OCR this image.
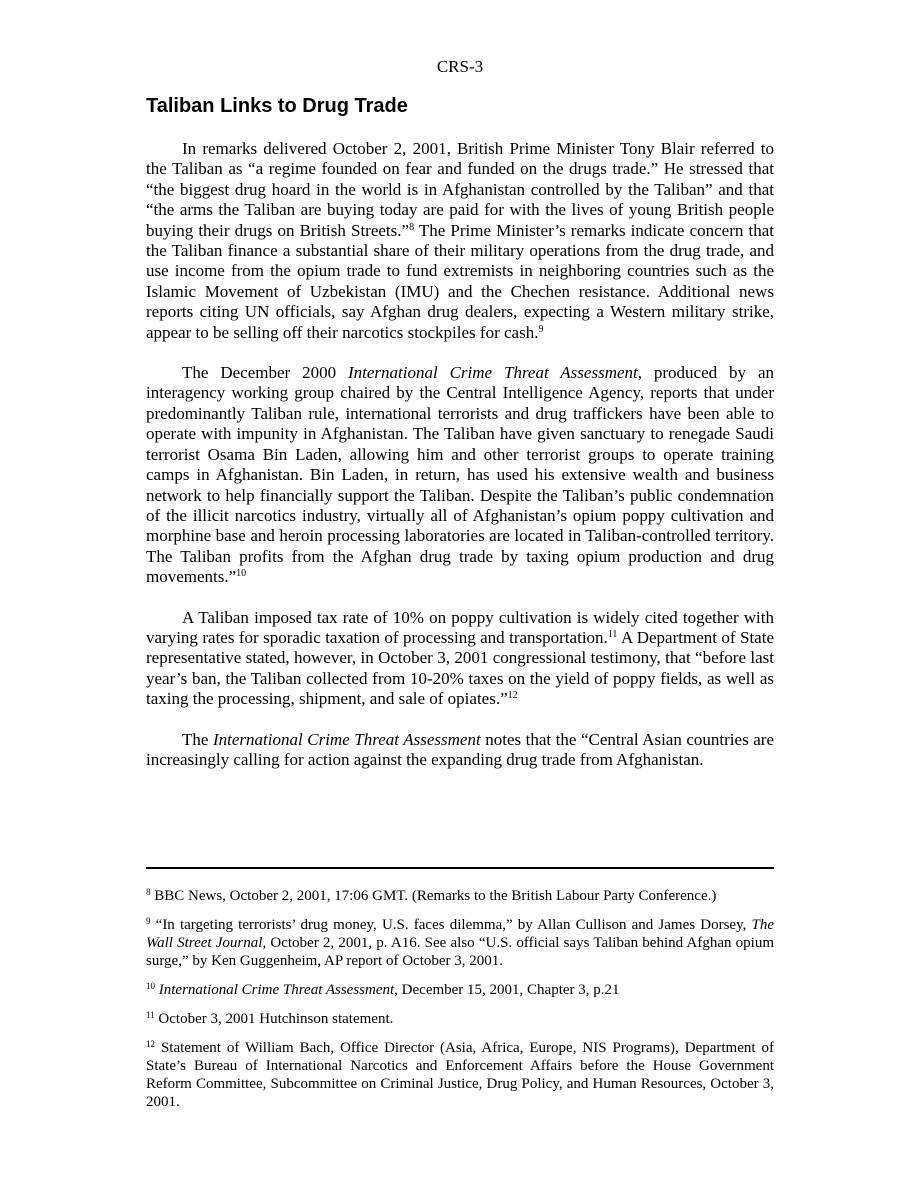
CRS-3
Taliban Links to Drug Trade

In remarks delivered October 2, 2001, British Prime Minister Tony Blair referred to the Taliban as “a regime founded on fear and funded on the drugs trade.” He stressed that “the biggest drug hoard in the world is in Afghanistan controlled by the Taliban” and that “the arms the Taliban are buying today are paid for with the lives of young British people buying their drugs on British Streets.”$^8$ The Prime Minister’s remarks indicate concern that the Taliban finance a substantial share of their military operations from the drug trade, and use income from the opium trade to fund extremists in neighboring countries such as the Islamic Movement of Uzbekistan (IMU) and the Chechen resistance. Additional news reports citing UN officials, say Afghan drug dealers, expecting a Western military strike, appear to be selling off their narcotics stockpiles for cash.$^9$

The December 2000 International Crime Threat Assessment, produced by an interagency working group chaired by the Central Intelligence Agency, reports that under predominantly Taliban rule, international terrorists and drug traffickers have been able to operate with impunity in Afghanistan. The Taliban have given sanctuary to renegade Saudi terrorist Osama Bin Laden, allowing him and other terrorist groups to operate training camps in Afghanistan. Bin Laden, in return, has used his extensive wealth and business network to help financially support the Taliban. Despite the Taliban’s public condemnation of the illicit narcotics industry, virtually all of Afghanistan’s opium poppy cultivation and morphine base and heroin processing laboratories are located in Taliban-controlled territory. The Taliban profits from the Afghan drug trade by taxing opium production and drug movements.”$^{10}$

A Taliban imposed tax rate of 10% on poppy cultivation is widely cited together with varying rates for sporadic taxation of processing and transportation.$^{11}$ A Department of State representative stated, however, in October 3, 2001 congressional testimony, that “before last year’s ban, the Taliban collected from 10-20% taxes on the yield of poppy fields, as well as taxing the processing, shipment, and sale of opiates.”$^{12}$

The International Crime Threat Assessment notes that the “Central Asian countries are increasingly calling for action against the expanding drug trade from Afghanistan.

$^8$ BBC News, October 2, 2001, 17:06 GMT. (Remarks to the British Labour Party Conference.)

$^9$ “In targeting terrorists’ drug money, U.S. faces dilemma,” by Allan Cullison and James Dorsey, The Wall Street Journal, October 2, 2001, p. A16. See also “U.S. official says Taliban behind Afghan opium surge,” by Ken Guggenheim, AP report of October 3, 2001.

$^{10}$ International Crime Threat Assessment, December 15, 2001, Chapter 3, p.21

$^{11}$ October 3, 2001 Hutchinson statement.

$^{12}$ Statement of William Bach, Office Director (Asia, Africa, Europe, NIS Programs), Department of State’s Bureau of International Narcotics and Enforcement Affairs before the House Government Reform Committee, Subcommittee on Criminal Justice, Drug Policy, and Human Resources, October 3, 2001.
